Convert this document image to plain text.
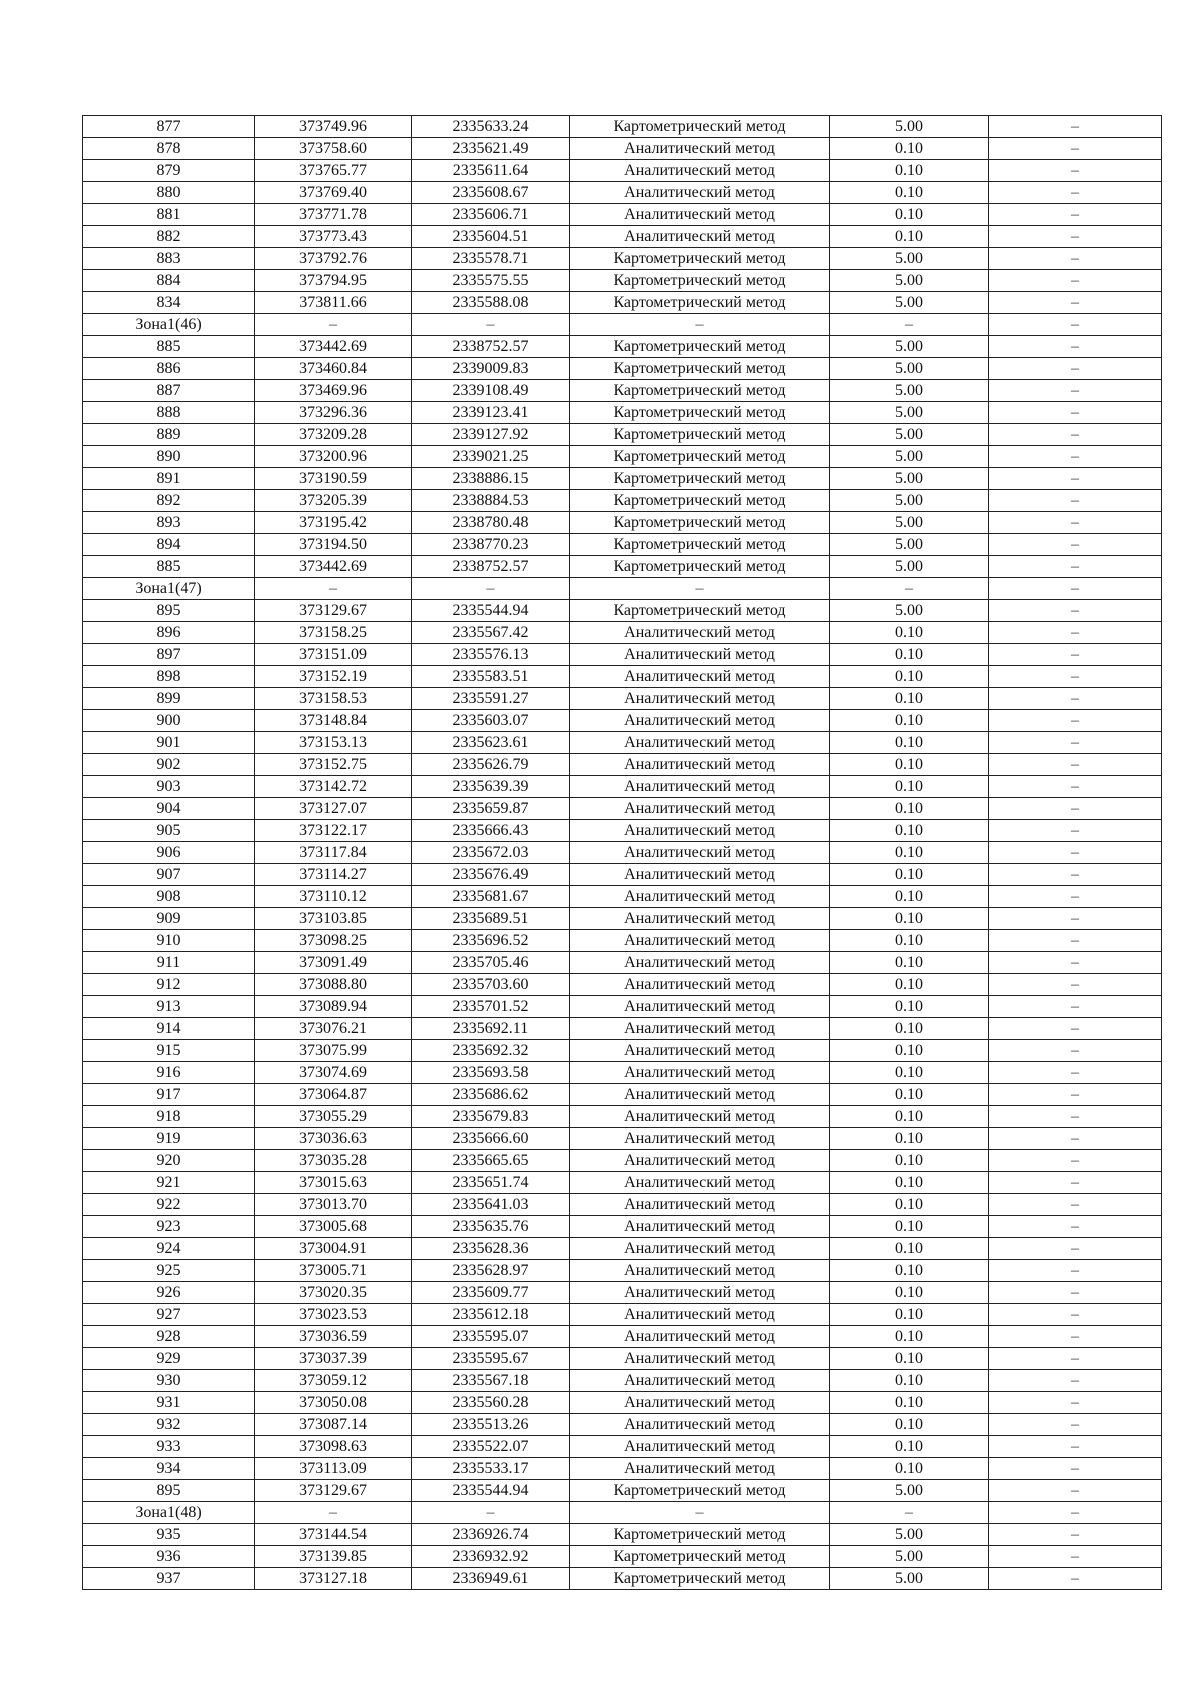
877	373749.96	2335633.24	Картометрический метод	5.00	–
878	373758.60	2335621.49	Аналитический метод	0.10	–
879	373765.77	2335611.64	Аналитический метод	0.10	–
880	373769.40	2335608.67	Аналитический метод	0.10	–
881	373771.78	2335606.71	Аналитический метод	0.10	–
882	373773.43	2335604.51	Аналитический метод	0.10	–
883	373792.76	2335578.71	Картометрический метод	5.00	–
884	373794.95	2335575.55	Картометрический метод	5.00	–
834	373811.66	2335588.08	Картометрический метод	5.00	–
Зона1(46)	–	–	–	–	–
885	373442.69	2338752.57	Картометрический метод	5.00	–
886	373460.84	2339009.83	Картометрический метод	5.00	–
887	373469.96	2339108.49	Картометрический метод	5.00	–
888	373296.36	2339123.41	Картометрический метод	5.00	–
889	373209.28	2339127.92	Картометрический метод	5.00	–
890	373200.96	2339021.25	Картометрический метод	5.00	–
891	373190.59	2338886.15	Картометрический метод	5.00	–
892	373205.39	2338884.53	Картометрический метод	5.00	–
893	373195.42	2338780.48	Картометрический метод	5.00	–
894	373194.50	2338770.23	Картометрический метод	5.00	–
885	373442.69	2338752.57	Картометрический метод	5.00	–
Зона1(47)	–	–	–	–	–
895	373129.67	2335544.94	Картометрический метод	5.00	–
896	373158.25	2335567.42	Аналитический метод	0.10	–
897	373151.09	2335576.13	Аналитический метод	0.10	–
898	373152.19	2335583.51	Аналитический метод	0.10	–
899	373158.53	2335591.27	Аналитический метод	0.10	–
900	373148.84	2335603.07	Аналитический метод	0.10	–
901	373153.13	2335623.61	Аналитический метод	0.10	–
902	373152.75	2335626.79	Аналитический метод	0.10	–
903	373142.72	2335639.39	Аналитический метод	0.10	–
904	373127.07	2335659.87	Аналитический метод	0.10	–
905	373122.17	2335666.43	Аналитический метод	0.10	–
906	373117.84	2335672.03	Аналитический метод	0.10	–
907	373114.27	2335676.49	Аналитический метод	0.10	–
908	373110.12	2335681.67	Аналитический метод	0.10	–
909	373103.85	2335689.51	Аналитический метод	0.10	–
910	373098.25	2335696.52	Аналитический метод	0.10	–
911	373091.49	2335705.46	Аналитический метод	0.10	–
912	373088.80	2335703.60	Аналитический метод	0.10	–
913	373089.94	2335701.52	Аналитический метод	0.10	–
914	373076.21	2335692.11	Аналитический метод	0.10	–
915	373075.99	2335692.32	Аналитический метод	0.10	–
916	373074.69	2335693.58	Аналитический метод	0.10	–
917	373064.87	2335686.62	Аналитический метод	0.10	–
918	373055.29	2335679.83	Аналитический метод	0.10	–
919	373036.63	2335666.60	Аналитический метод	0.10	–
920	373035.28	2335665.65	Аналитический метод	0.10	–
921	373015.63	2335651.74	Аналитический метод	0.10	–
922	373013.70	2335641.03	Аналитический метод	0.10	–
923	373005.68	2335635.76	Аналитический метод	0.10	–
924	373004.91	2335628.36	Аналитический метод	0.10	–
925	373005.71	2335628.97	Аналитический метод	0.10	–
926	373020.35	2335609.77	Аналитический метод	0.10	–
927	373023.53	2335612.18	Аналитический метод	0.10	–
928	373036.59	2335595.07	Аналитический метод	0.10	–
929	373037.39	2335595.67	Аналитический метод	0.10	–
930	373059.12	2335567.18	Аналитический метод	0.10	–
931	373050.08	2335560.28	Аналитический метод	0.10	–
932	373087.14	2335513.26	Аналитический метод	0.10	–
933	373098.63	2335522.07	Аналитический метод	0.10	–
934	373113.09	2335533.17	Аналитический метод	0.10	–
895	373129.67	2335544.94	Картометрический метод	5.00	–
Зона1(48)	–	–	–	–	–
935	373144.54	2336926.74	Картометрический метод	5.00	–
936	373139.85	2336932.92	Картометрический метод	5.00	–
937	373127.18	2336949.61	Картометрический метод	5.00	–
